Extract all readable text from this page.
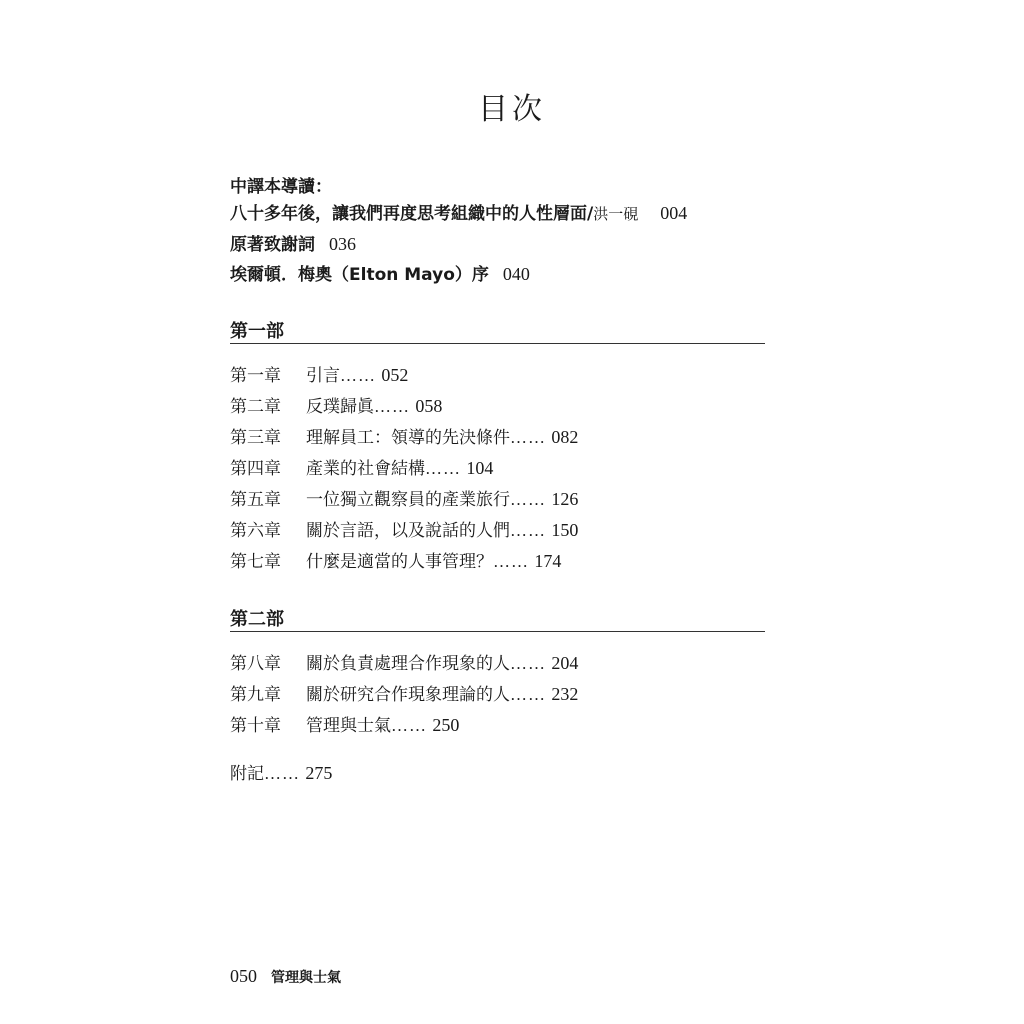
目次
中譯本導讀：
八十多年後，讓我們再度思考組織中的人性層面/洪一硯 004
原著致謝詞 036
埃爾頓．梅奧（Elton Mayo）序 040
第一部
第一章 引言…… 052
第二章 反璞歸眞…… 058
第三章 理解員工：領導的先決條件…… 082
第四章 產業的社會結構…… 104
第五章 一位獨立觀察員的產業旅行…… 126
第六章 關於言語，以及說話的人們…… 150
第七章 什麼是適當的人事管理？…… 174
第二部
第八章 關於負責處理合作現象的人…… 204
第九章 關於研究合作現象理論的人…… 232
第十章 管理與士氣…… 250
附記…… 275
050 管理與士氣
